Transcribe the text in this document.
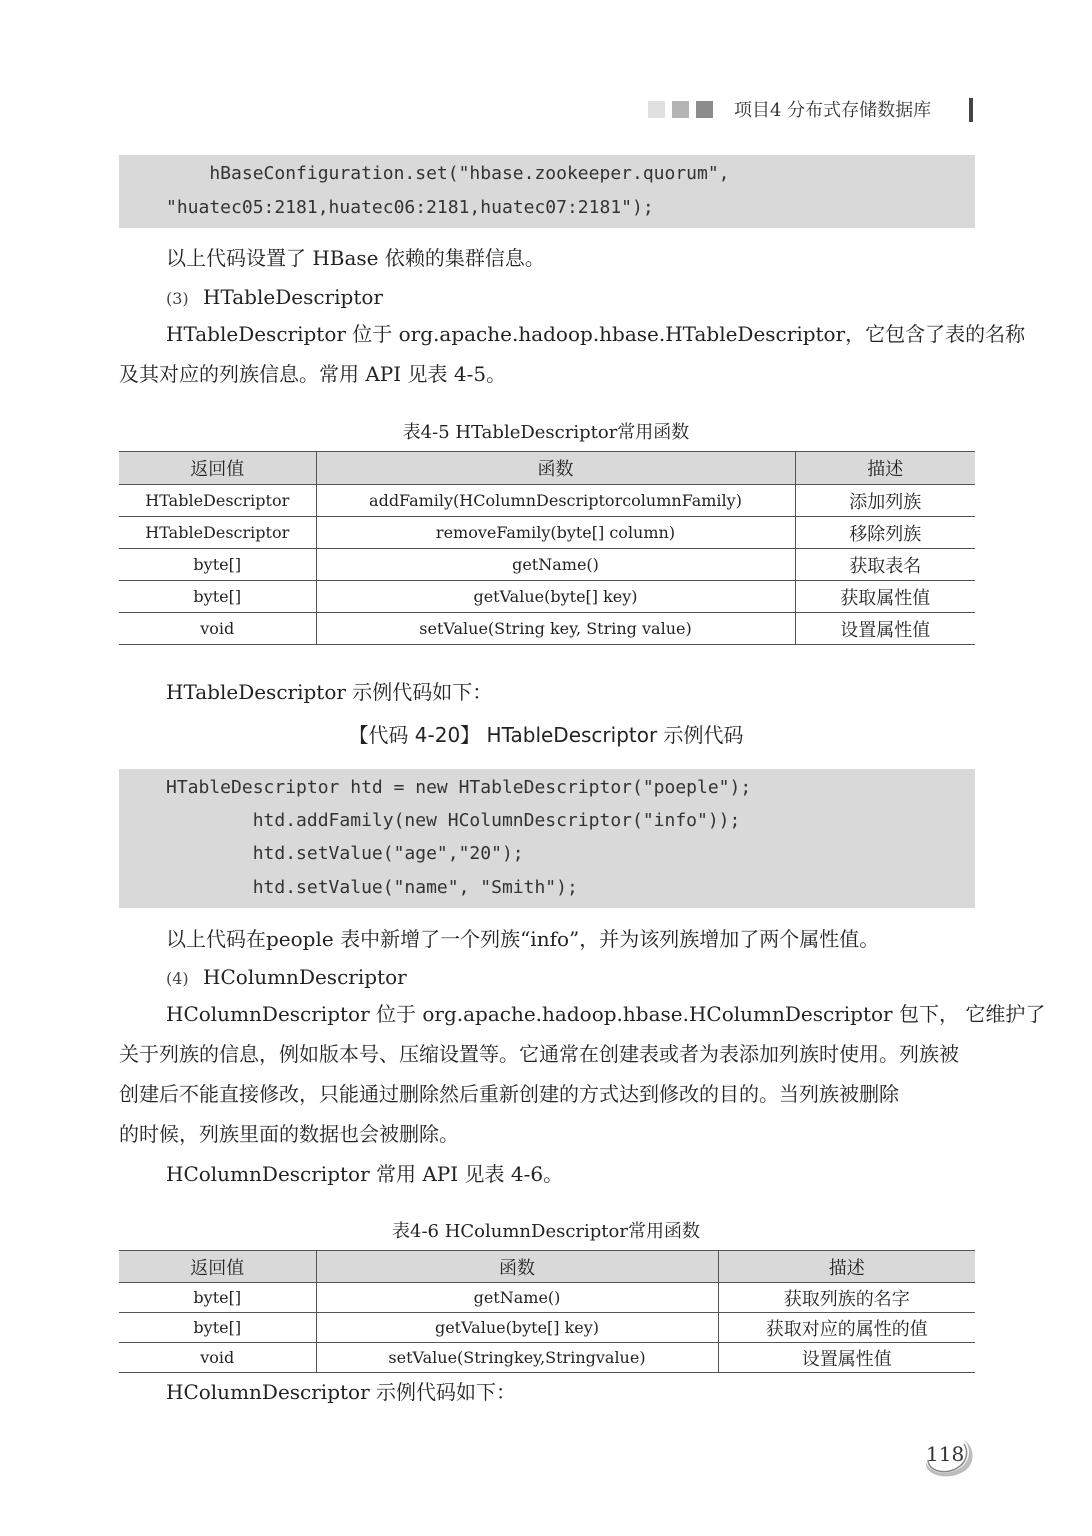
项目4 分布式存储数据库
hBaseConfiguration.set("hbase.zookeeper.quorum",
"huatec05:2181,huatec06:2181,huatec07:2181");
以上代码设置了 HBase 依赖的集群信息。
(3) HTableDescriptor
HTableDescriptor 位于 org.apache.hadoop.hbase.HTableDescriptor，它包含了表的名称
及其对应的列族信息。常用 API 见表 4-5。
表4-5 HTableDescriptor常用函数
返回值	函数	描述
HTableDescriptor	addFamily(HColumnDescriptorcolumnFamily)	添加列族
HTableDescriptor	removeFamily(byte[] column)	移除列族
byte[]	getName()	获取表名
byte[]	getValue(byte[] key)	获取属性值
void	setValue(String key, String value)	设置属性值
HTableDescriptor 示例代码如下：
【代码 4-20】 HTableDescriptor 示例代码
HTableDescriptor htd = new HTableDescriptor("poeple");
htd.addFamily(new HColumnDescriptor("info"));
htd.setValue("age","20");
htd.setValue("name", "Smith");
以上代码在people 表中新增了一个列族“info”，并为该列族增加了两个属性值。
(4) HColumnDescriptor
HColumnDescriptor 位于 org.apache.hadoop.hbase.HColumnDescriptor 包下， 它维护了
关于列族的信息，例如版本号、压缩设置等。它通常在创建表或者为表添加列族时使用。列族被
创建后不能直接修改，只能通过删除然后重新创建的方式达到修改的目的。当列族被删除
的时候，列族里面的数据也会被删除。
HColumnDescriptor 常用 API 见表 4-6。
表4-6 HColumnDescriptor常用函数
返回值	函数	描述
byte[]	getName()	获取列族的名字
byte[]	getValue(byte[] key)	获取对应的属性的值
void	setValue(Stringkey,Stringvalue)	设置属性值
HColumnDescriptor 示例代码如下：
118
